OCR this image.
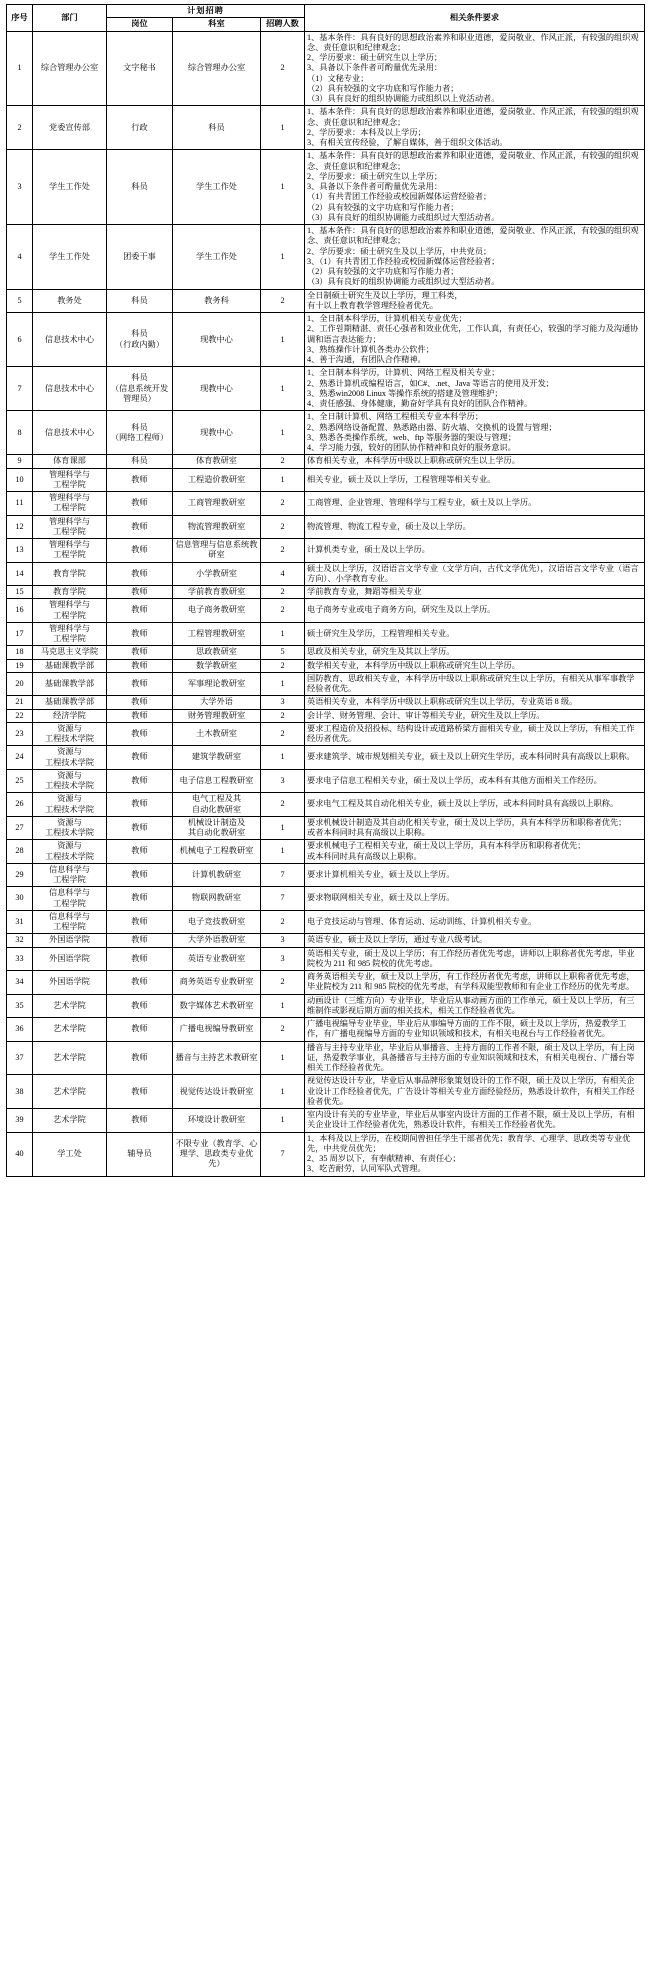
序号	部门	计划招聘			相关条件要求
		岗位	科室	招聘人数	
1	综合管理办公室	文字秘书	综合管理办公室	2	
1、基本条件：具有良好的思想政治素养和职业道德，爱岗敬业、作风正派，有较强的组织观念、责任意识和纪律观念；
2、学历要求：硕士研究生以上学历；
3、具备以下条件者可酌量优先录用：
（1）文秘专业；
（2）具有较强的文字功底和写作能力者；
（3）具有良好的组织协调能力或组织以上党活动者。

2	党委宣传部	行政	科员	1	1、基本条件：具有良好的思想政治素养和职业道德，爱岗敬业、作风正派，有较强的组织观念、责任意识和纪律观念；
2、学历要求：本科及以上学历；
3、有相关宣传经验，了解自媒体，善于组织文体活动。

3	学生工作处	科员	学生工作处	1	
1、基本条件：具有良好的思想政治素养和职业道德，爱岗敬业、作风正派，有较强的组织观念、责任意识和纪律观念；
2、学历要求：硕士研究生以上学历；
3、具备以下条件者可酌量优先录用：
（1）有共青团工作经验或校园新媒体运营经验者；
（2）具有较强的文字功底和写作能力者；
（3）具有良好的组织协调能力或组织过大型活动者。

4	学生工作处	团委干事	学生工作处	1	1、基本条件：具有良好的思想政治素养和职业道德，爱岗敬业、作风正派，有较强的组织观念、责任意识和纪律观念；
2、学历要求：硕士研究生及以上学历，中共党员；
3、（1）有共青团工作经验或校园新媒体运营经验者；
（2）具有较强的文字功底和写作能力者；
（3）具有良好的组织协调能力或组织过大型活动者。

5	教务处	科员	教务科	2	全日制硕士研究生及以上学历，理工科类，
有十以上教育教学管理经验者优先。

6	信息技术中心	科员
（行政内勤）	现教中心	1	
1、全日制本科学历，计算机相关专业优先；
2、工作원期精湛、责任心强者和效业优先，工作认真，有责任心，较强的学习能力及沟通协调和语言表达能力；
3、熟练操作计算机各类办公软件；
4、善于沟通，有团队合作精神。

7	信息技术中心	科员
（信息系统开发管理员）	现教中心	1	
1、全日制本科学历，计算机、网络工程及相关专业；
2、熟悉计算机或编程语言，如C#、.net、Java 等语言的使用及开发；
3、熟悉win2008 Linux 等操作系统的搭建及管理维护；
4、责任感强、身体健康，勤奋好学具有良好的团队合作精神。

8	信息技术中心	科员
（网络工程师）	现教中心	1	
1、全日制计算机、网络工程相关专业本科学历；
2、熟悉网络设备配置、熟悉路由器、防火墙、交换机的设置与管理；
3、熟悉各类操作系统，web、ftp 等服务器的架设与管理；
4、学习能力强，较好的团队协作精神和良好的服务意识。

9	体育课部	科员	体育教研室	2	体育相关专业，本科学历中级以上职称或研究生以上学历。

10	管理科学与
工程学院	教师	工程造价教研室	1	相关专业，硕士及以上学历，工程管理等相关专业。

11	管理科学与
工程学院	教师	工商管理教研室	2	工商管理、企业管理、管理科学与工程专业，硕士及以上学历。

12	管理科学与
工程学院	教师	物流管理教研室	2	物流管理、物流工程专业，硕士及以上学历。

13	管理科学与
工程学院	教师	信息管理与信息系统教研室	2	计算机类专业，硕士及以上学历。

14	教育学院	教师	小学教研室	4	硕士及以上学历，汉语语言文学专业（文学方向，古代文学优先），汉语语言文学专业（语言方向）、小学教育专业。

15	教育学院	教师	学前教育教研室	2	学前教育专业，舞蹈等相关专业

16	管理科学与
工程学院	教师	电子商务教研室	2	电子商务专业或电子商务方向，研究生及以上学历。

17	管理科学与
工程学院	教师	工程管理教研室	1	硕士研究生及学历，工程管理相关专业。

18	马克思主义学院	教师	思政教研室	5	思政及相关专业，研究生及其以上学历。

19	基础课教学部	教师	数学教研室	2	数学相关专业，本科学历中级以上职称或研究生以上学历。

20	基础课教学部	教师	军事理论教研室	1	国防教育、思政相关专业，本科学历中级以上职称或研究生以上学历，有相关从事军事教学经验者优先。

21	基础课教学部	教师	大学外语	3	英语相关专业，本科学历中级以上职称或研究生以上学历，专业英语 8 级。

22	经济学院	教师	财务管理教研室	2	会计学、财务管理、会计、审计等相关专业，研究生及以上学历。

23	资源与
工程技术学院	教师	土木教研室	2	要求工程造价及招投标、结构设计或道路桥梁方面相关专业，硕士及以上学历，有相关工作经历者优先。

24	资源与
工程技术学院	教师	建筑学教研室	1	要求建筑学、城市规划相关专业，硕士及以上研究生学历，或本科同时具有高级以上职称。

25	资源与
工程技术学院	教师	电子信息工程教研室	3	要求电子信息工程相关专业，硕士及以上学历，或本科有其他方面相关工作经历。

26	资源与
工程技术学院	教师	电气工程及其
自动化教研室	2	要求电气工程及其自动化相关专业，硕士及以上学历，或本科同时具有高级以上职称。

27	资源与
工程技术学院	教师	机械设计制造及
其自动化教研室	1	
要求机械设计制造及其自动化相关专业，硕士及以上学历，具有本科学历和职称者优先；
或者本科同时具有高级以上职称。

28	资源与
工程技术学院	教师	机械电子工程教研室	1	
要求机械电子工程相关专业，硕士及以上学历，具有本科学历和职称者优先；
或本科同时具有高级以上职称。

29	信息科学与
工程学院	教师	计算机教研室	7	要求计算机相关专业，硕士及以上学历。

30	信息科学与
工程学院	教师	物联网教研室	7	要求物联网相关专业，硕士及以上学历。

31	信息科学与
工程学院	教师	电子竞技教研室	2	电子竞技运动与管理、体育运动、运动训练、计算机相关专业。

32	外国语学院	教师	大学外语教研室	3	英语专业，硕士及以上学历，通过专业八级考试。

33	外国语学院	教师	英语专业教研室	3	英语相关专业，硕士及以上学历；有工作经历者优先考虑，讲师以上职称者优先考虑，毕业院校为 211 和 985 院校的优先考虑。

34	外国语学院	教师	商务英语专业教研室	2	商务英语相关专业，硕士及以上学历，有工作经历者优先考虑，讲师以上职称者优先考虑，毕业院校为 211 和 985 院校的优先考虑，有学科双能型教师和有企业工作经历的优先考虑。

35	艺术学院	教师	数字媒体艺术教研室	1	动画设计（三维方向）专业毕业，毕业后从事动画方面的工作单元，硕士及以上学历，有三维制作或影视后期方面的相关技术，相关工作经验者优先。

36	艺术学院	教师	广播电视编导教研室	2	广播电视编导专业毕业，毕业后从事编导方面的工作不限，硕士及以上学历，热爱教学工作，有广播电视编导方面的专业知识领域和技术，有相关电视台与工作经验者优先。

37	艺术学院	教师	播音与主持艺术教研室	1	播音与主持专业毕业，毕业后从事播音、主持方面的工作者不限，硕士及以上学历，有上岗证，热爱教学事业，具备播音与主持方面的专业知识领域和技术，有相关电视台、广播台等相关工作经验者优先。

38	艺术学院	教师	视觉传达设计教研室	1	视觉传达设计专业，毕业后从事品牌形象策划设计的工作不限，硕士及以上学历，有相关企业设计工作经验者优先，广告设计等相关专业方面经验经历，熟悉设计软件，有相关工作经验者优先。

39	艺术学院	教师	环境设计教研室	1	室内设计有关的专业毕业，毕业后从事室内设计方面的工作者不限，硕士及以上学历，有相关企业设计工作经验者优先，熟悉设计软件，有相关工作经验者优先。

40	学工处	辅导员	不限专业（教育学、心理学、思政类专业优先）	7	1、本科及以上学历，在校期间曾担任学生干部者优先；教育学、心理学、思政类等专业优先，中共党员优先；
2、35 周岁以下，有奉献精神、有责任心；
3、吃苦耐劳，认同军队式管理。
